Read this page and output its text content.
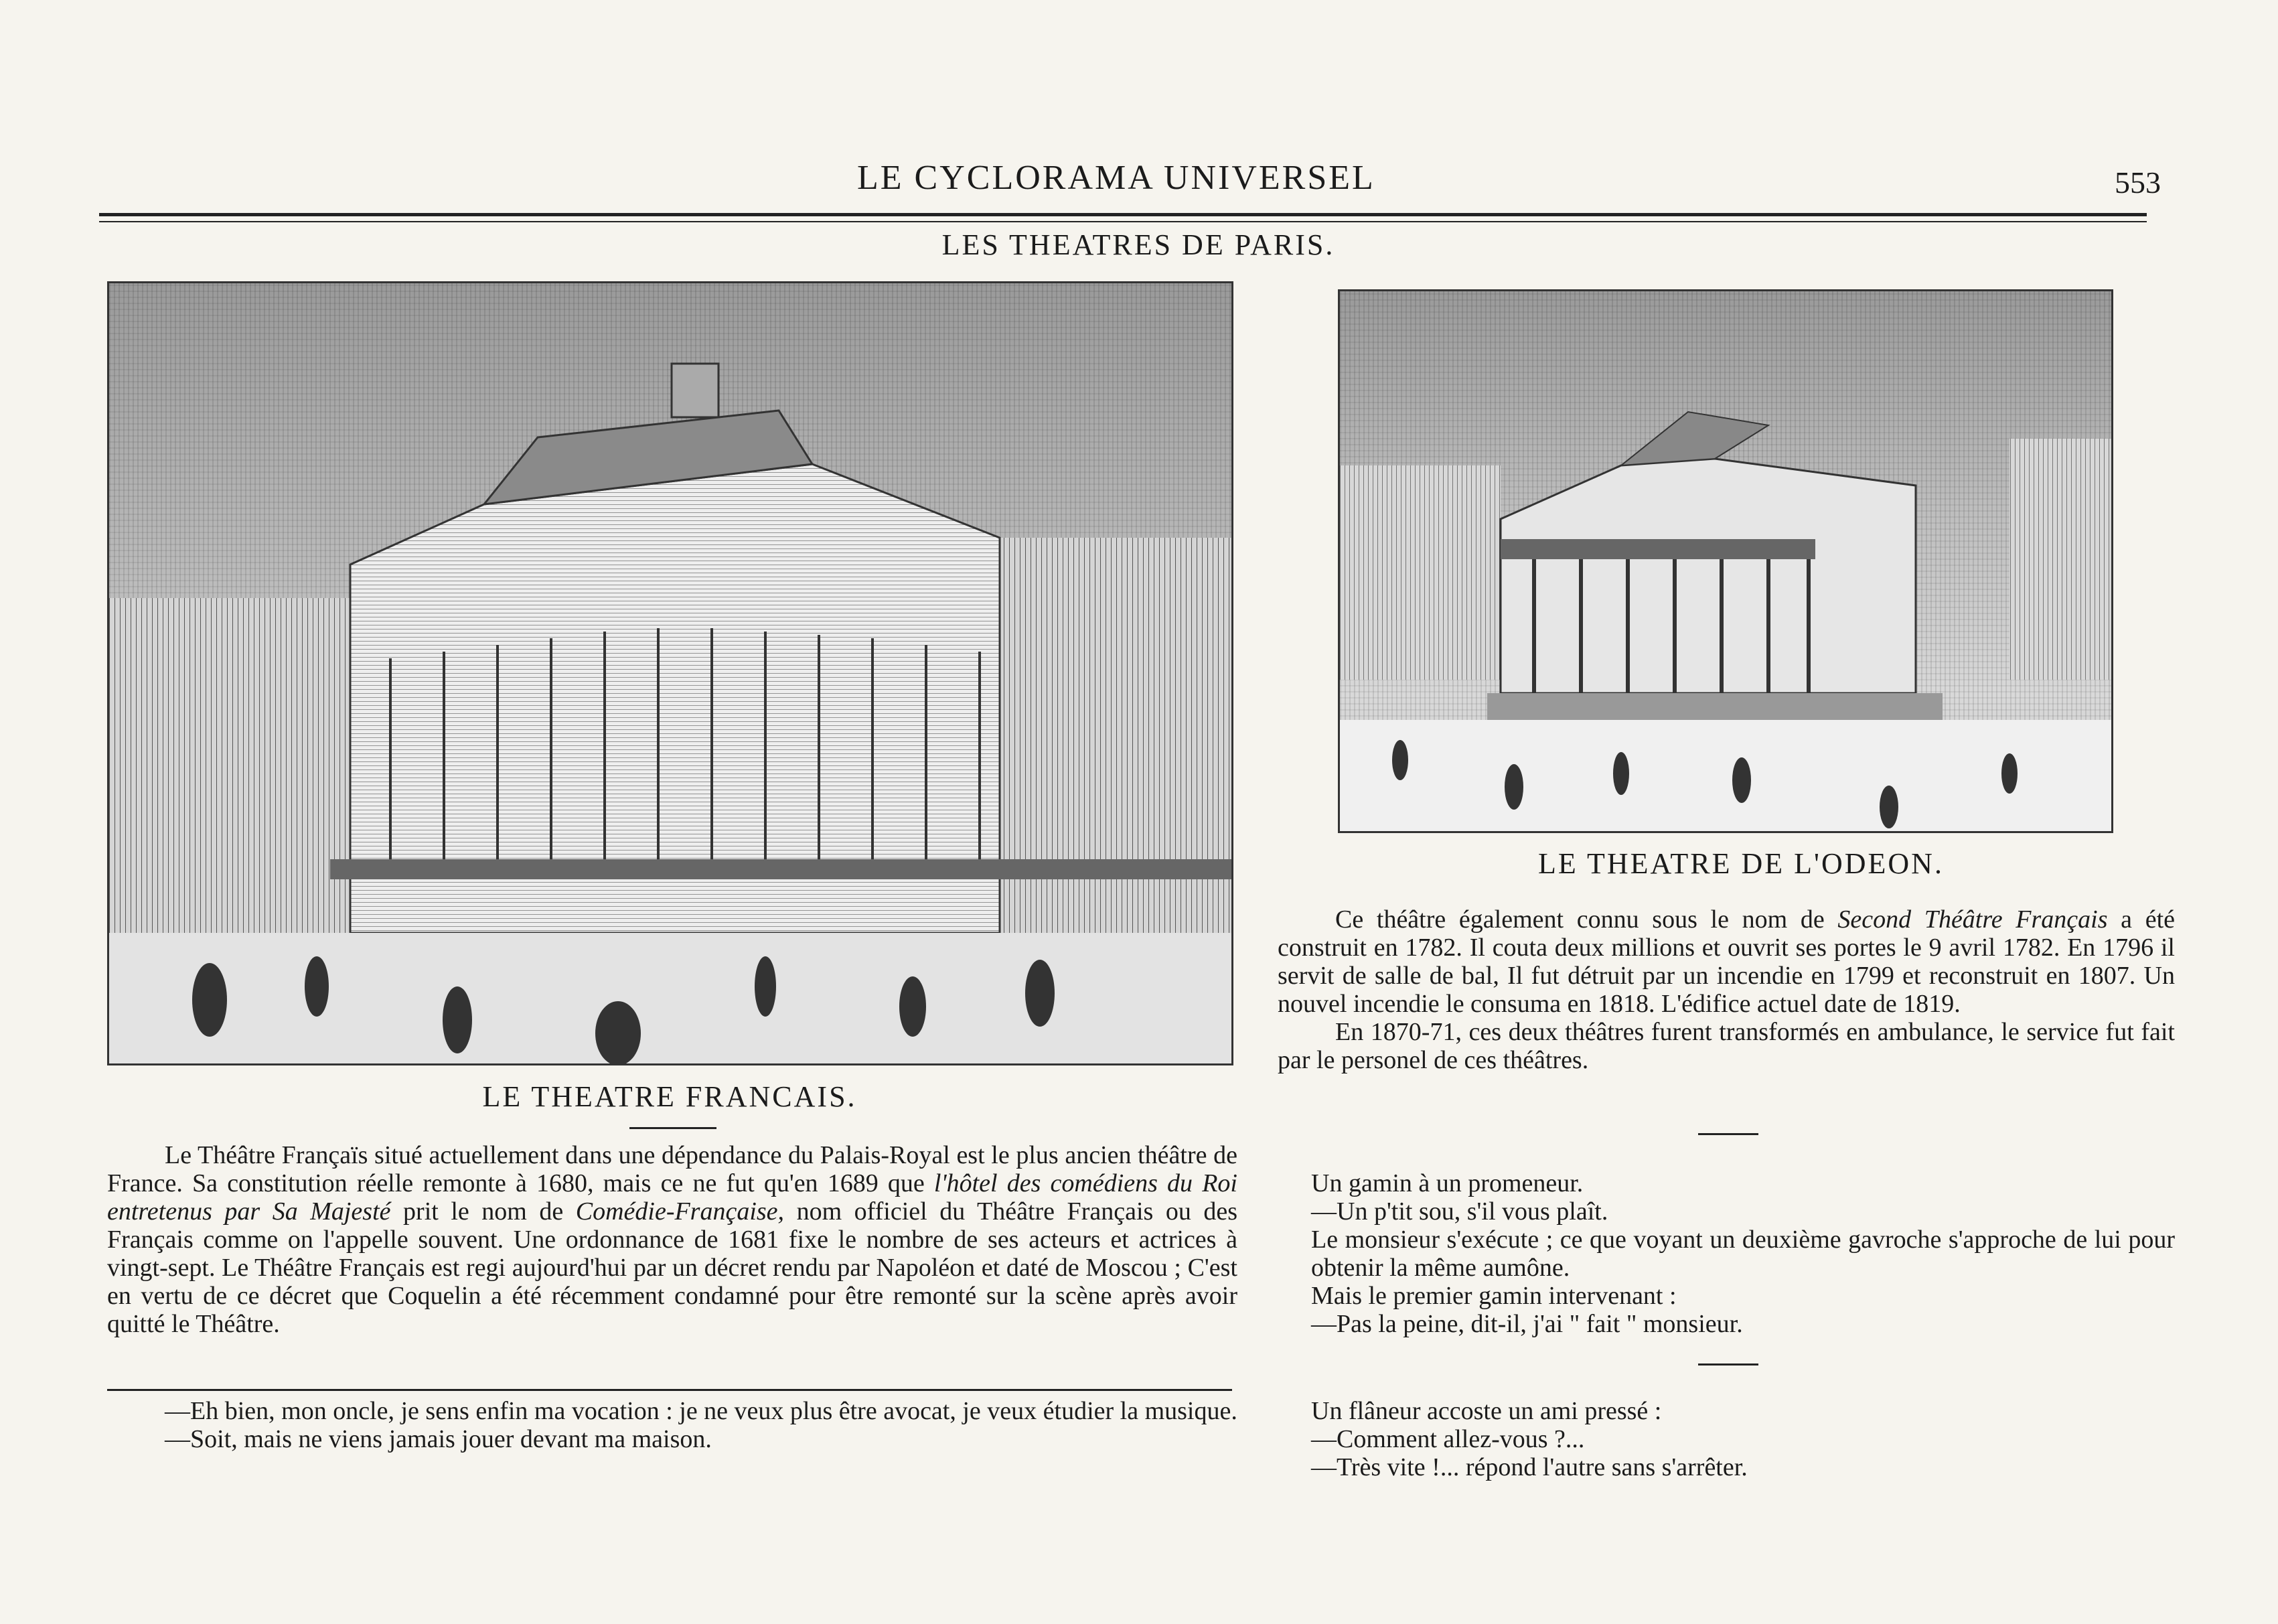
LE CYCLORAMA UNIVERSEL	553
LES THEATRES DE PARIS.
LE THEATRE FRANCAIS.

Le Théâtre Françaïs situé actuellement dans une dépendance du Palais-Royal est le plus ancien théâtre de France. Sa constitution réelle remonte à 1680, mais ce ne fut qu'en 1689 que l'hôtel des comédiens du Roi entretenus par Sa Majesté prit le nom de Comédie-Française, nom officiel du Théâtre Français ou des Français comme on l'appelle souvent. Une ordonnance de 1681 fixe le nombre de ses acteurs et actrices à vingt-sept. Le Théâtre Français est regi aujourd'hui par un décret rendu par Napoléon et daté de Moscou ; C'est en vertu de ce décret que Coquelin a été récemment condamné pour être remonté sur la scène après avoir quitté le Théâtre.

—Eh bien, mon oncle, je sens enfin ma vocation : je ne veux plus être avocat, je veux étudier la musique.

—Soit, mais ne viens jamais jouer devant ma maison.

LE THEATRE DE L'ODEON.

Ce théâtre également connu sous le nom de Second Théâtre Français a été construit en 1782. Il couta deux millions et ouvrit ses portes le 9 avril 1782. En 1796 il servit de salle de bal, Il fut détruit par un incendie en 1799 et reconstruit en 1807. Un nouvel incendie le consuma en 1818. L'édifice actuel date de 1819.

En 1870-71, ces deux théâtres furent transformés en ambulance, le service fut fait par le personel de ces théâtres.

Un gamin à un promeneur.

—Un p'tit sou, s'il vous plaît.

Le monsieur s'exécute ; ce que voyant un deuxième gavroche s'approche de lui pour obtenir la même aumône.

Mais le premier gamin intervenant :

—Pas la peine, dit-il, j'ai " fait " monsieur.

Un flâneur accoste un ami pressé :

—Comment allez-vous ?...

—Très vite !... répond l'autre sans s'arrêter.
